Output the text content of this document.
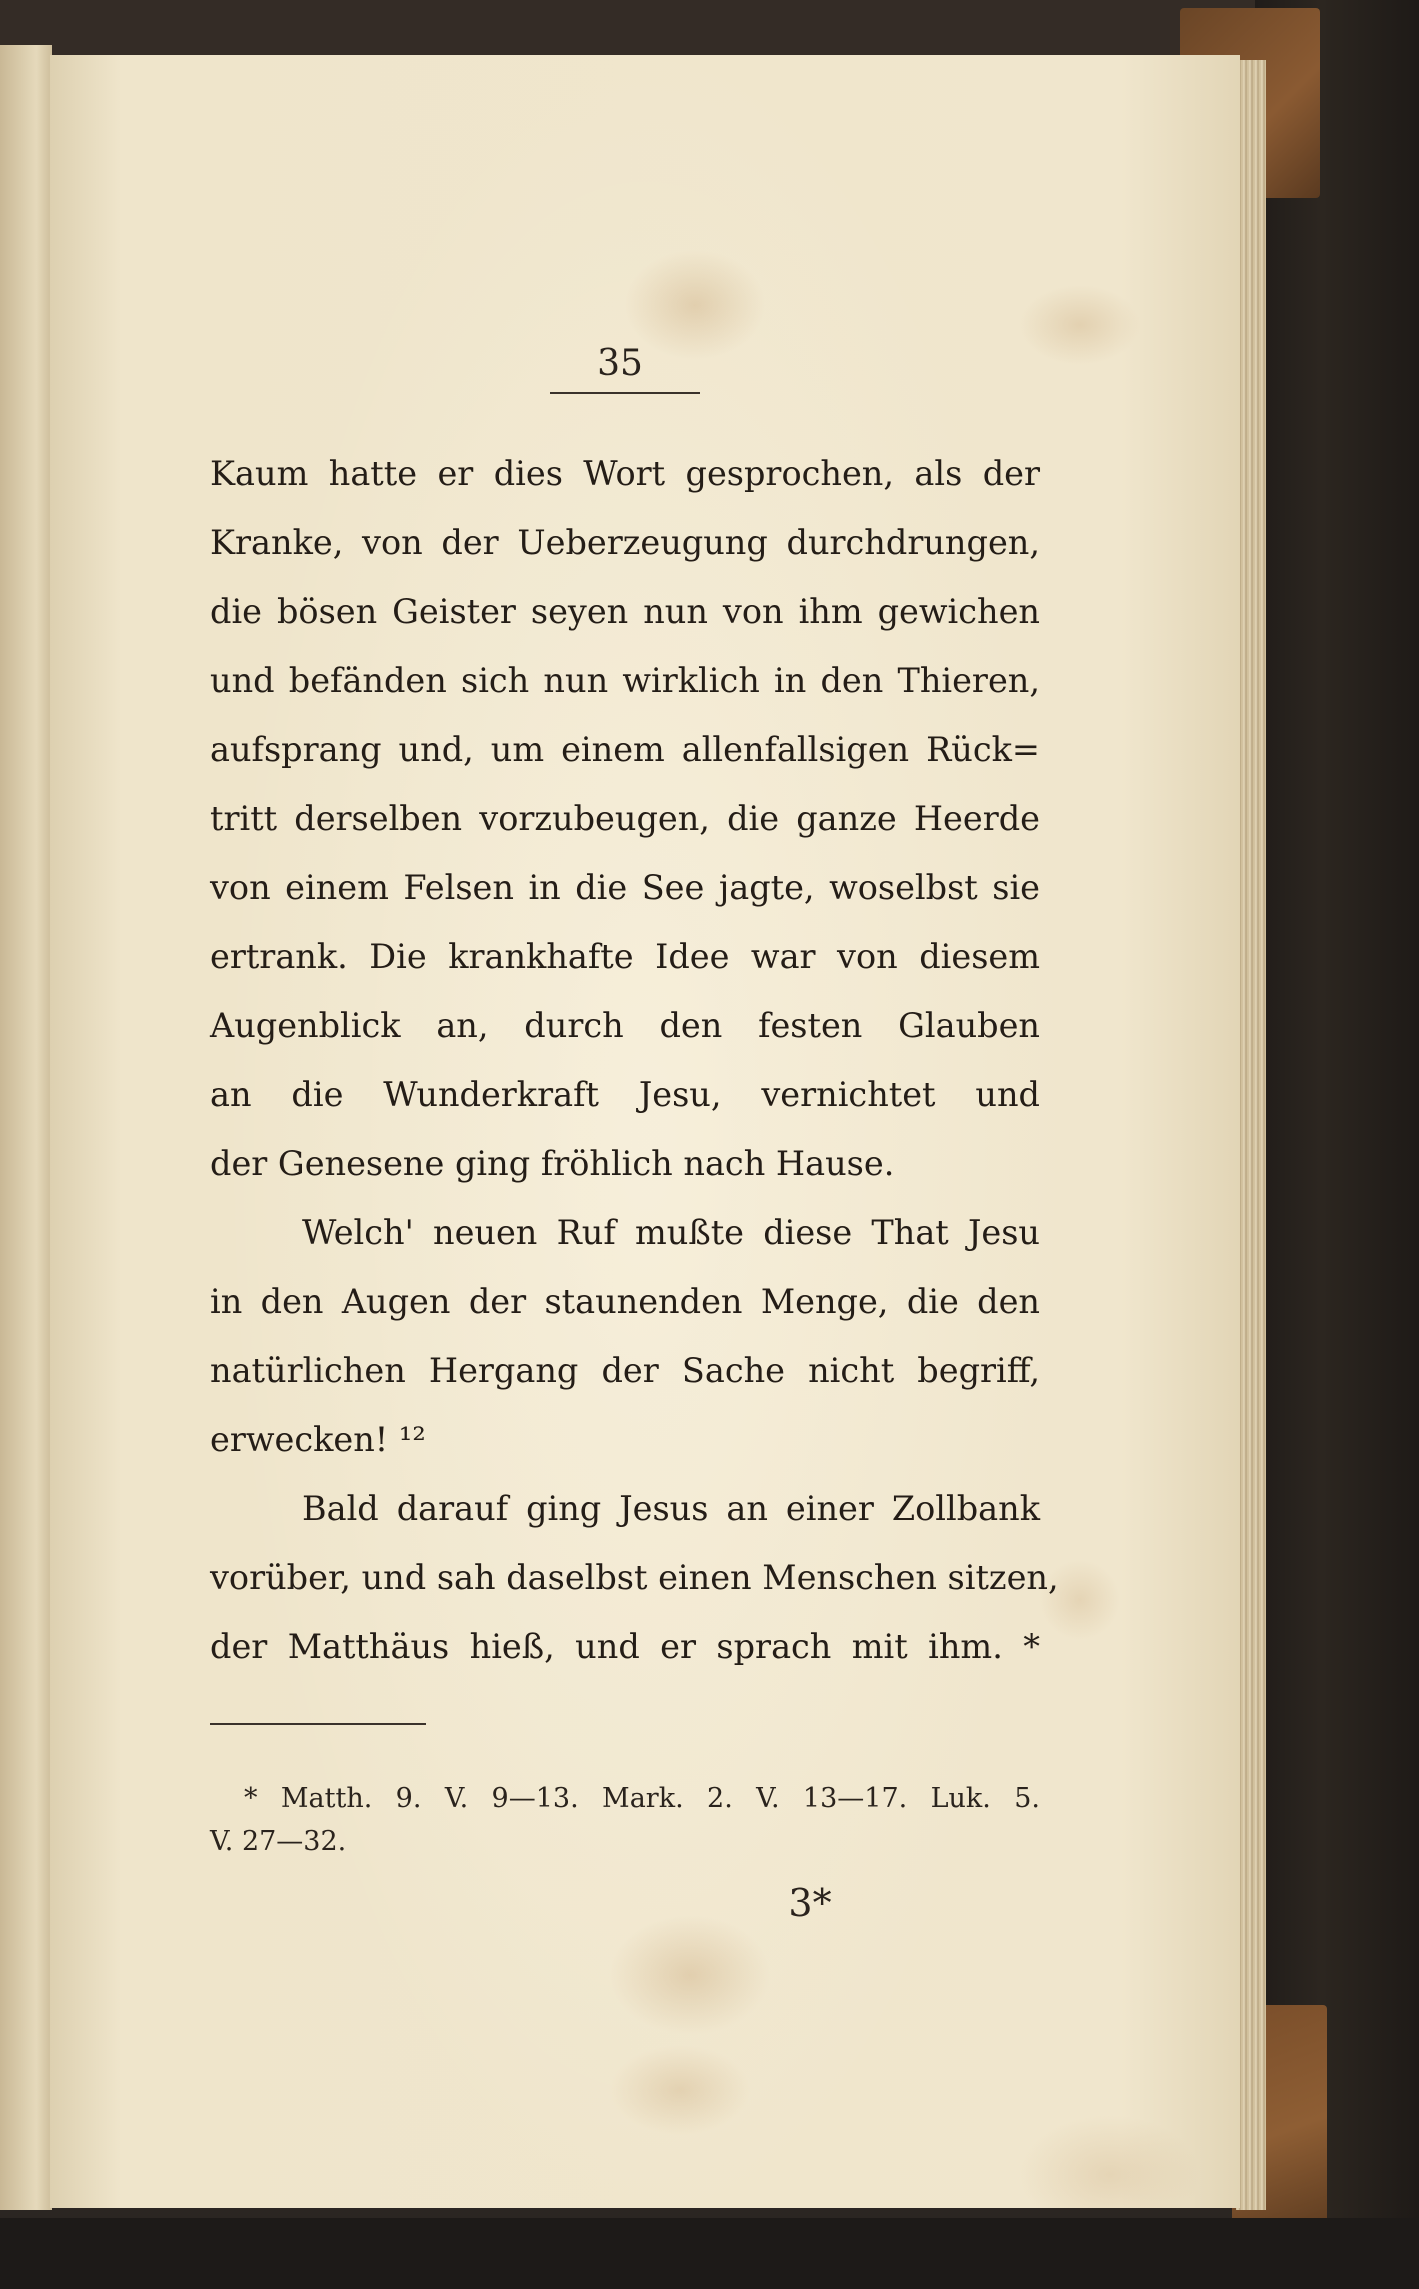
35
Kaum hatte er dies Wort gesprochen, als der
Kranke, von der Ueberzeugung durchdrungen,
die bösen Geister seyen nun von ihm gewichen
und befänden sich nun wirklich in den Thieren,
aufsprang und, um einem allenfallsigen Rück=
tritt derselben vorzubeugen, die ganze Heerde
von einem Felsen in die See jagte, woselbst sie
ertrank. Die krankhafte Idee war von diesem
Augenblick an, durch den festen Glauben
an die Wunderkraft Jesu, vernichtet und
der Genesene ging fröhlich nach Hause.
Welch' neuen Ruf mußte diese That Jesu
in den Augen der staunenden Menge, die den
natürlichen Hergang der Sache nicht begriff,
erwecken! ¹²
Bald darauf ging Jesus an einer Zollbank
vorüber, und sah daselbst einen Menschen sitzen,
der Matthäus hieß, und er sprach mit ihm. *
* Matth. 9. V. 9—13. Mark. 2. V. 13—17. Luk. 5.
V. 27—32.
3*
